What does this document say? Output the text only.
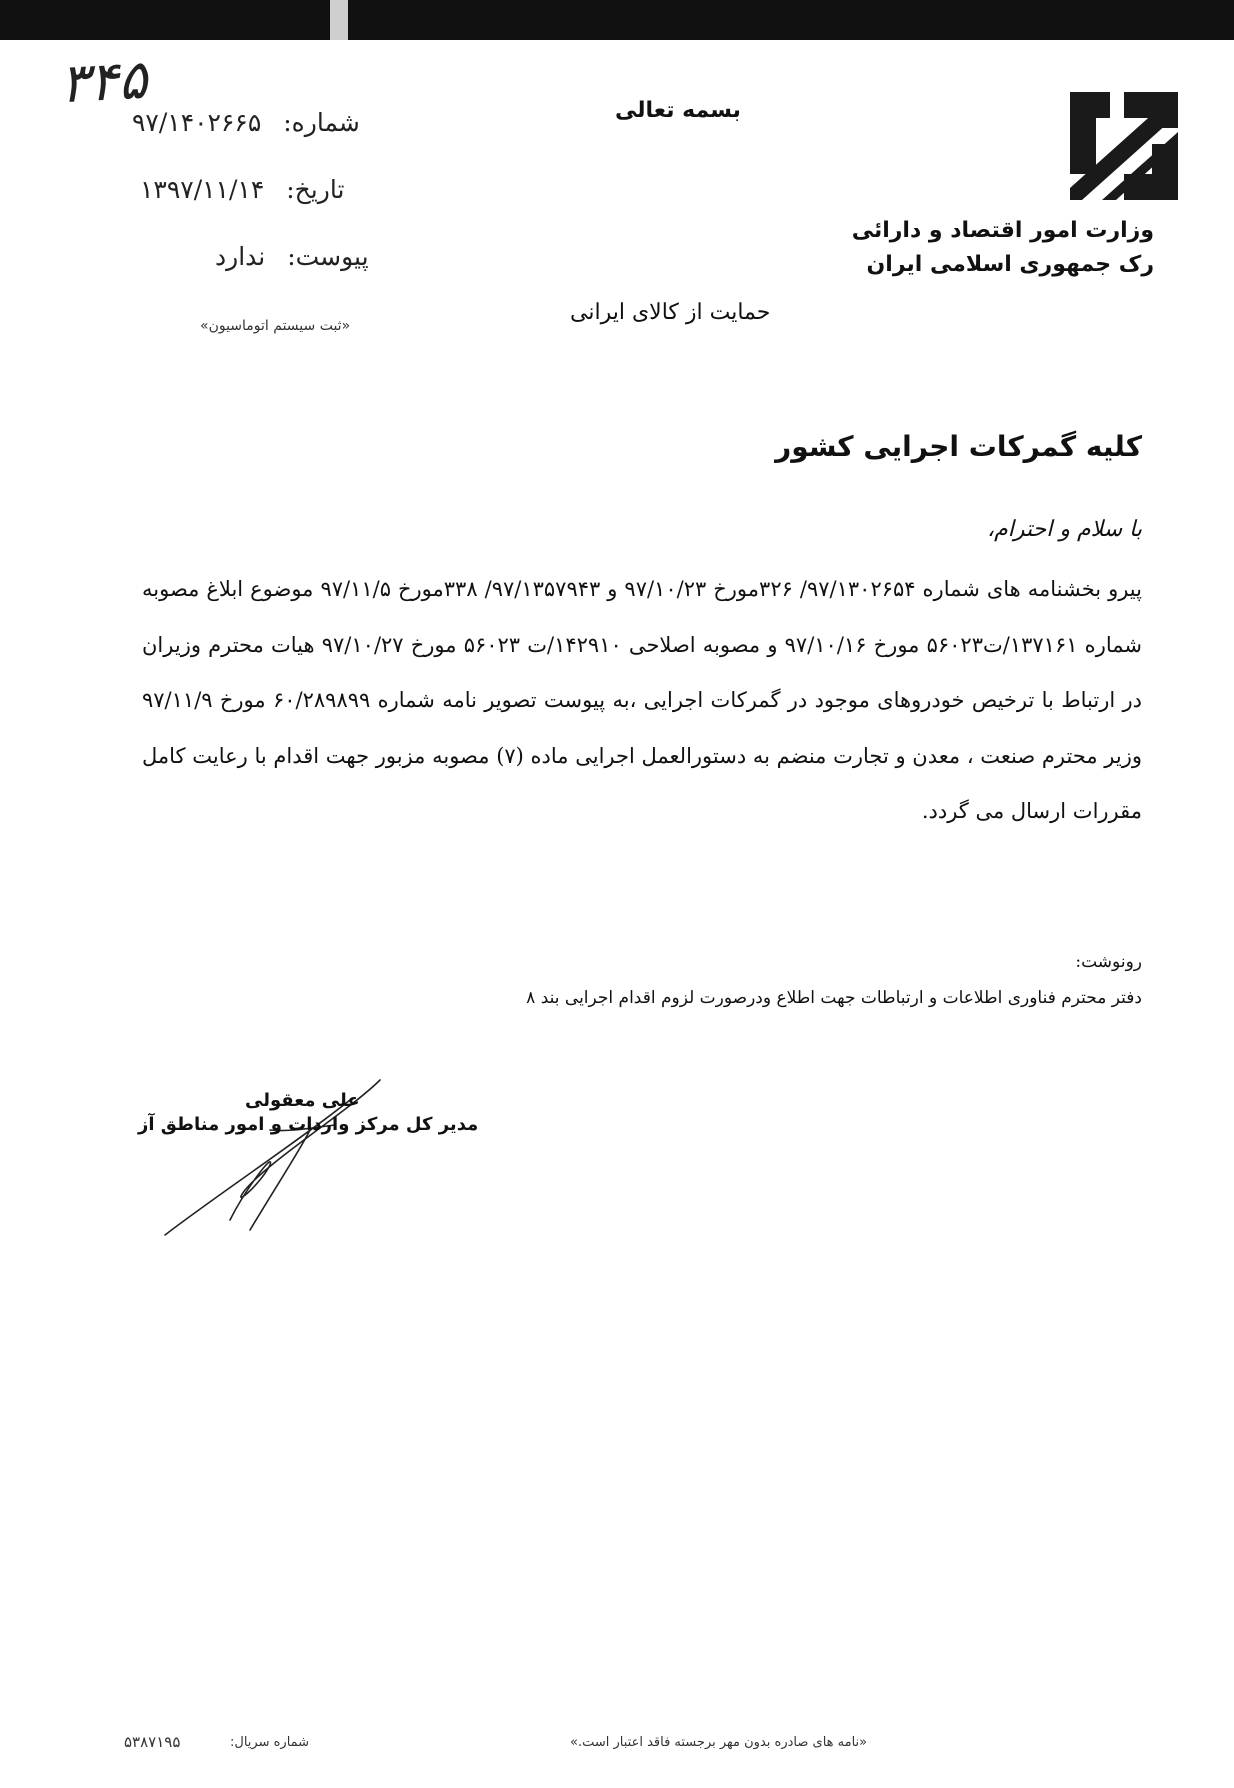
۳۴۵
شماره: ۹۷/۱۴۰۲۶۶۵
تاریخ: ۱۳۹۷/۱۱/۱۴
پیوست: ندارد
«ثبت سیستم اتوماسیون»
بسمه تعالی
وزارت امور اقتصاد و دارائی
رک جمهوری اسلامی ایران
حمایت از کالای ایرانی
کلیه گمرکات اجرایی کشور
با سلام و احترام،
پیرو بخشنامه های شماره ۹۷/۱۳۰۲۶۵۴/ ۳۲۶مورخ ۹۷/۱۰/۲۳ و ۹۷/۱۳۵۷۹۴۳/ ۳۳۸مورخ ۹۷/۱۱/۵ موضوع ابلاغ مصوبه شماره ۱۳۷۱۶۱/ت۵۶۰۲۳ مورخ ۹۷/۱۰/۱۶ و مصوبه اصلاحی ۱۴۲۹۱۰/ت ۵۶۰۲۳ مورخ ۹۷/۱۰/۲۷ هیات محترم وزیران در ارتباط با ترخیص خودروهای موجود در گمرکات اجرایی ،به پیوست تصویر نامه شماره ۶۰/۲۸۹۸۹۹ مورخ ۹۷/۱۱/۹ وزیر محترم صنعت ، معدن و تجارت منضم به دستورالعمل اجرایی ماده (۷) مصوبه مزبور جهت اقدام با رعایت کامل مقررات ارسال می گردد.
رونوشت:
دفتر محترم فناوری اطلاعات و ارتباطات جهت اطلاع ودرصورت لزوم اقدام اجرایی بند ۸
علی معقولی
مدیر کل مرکز واردات و امور مناطق آز
«نامه های صادره بدون مهر برجسته فاقد اعتبار است.»
شماره سریال:
۵۳۸۷۱۹۵
